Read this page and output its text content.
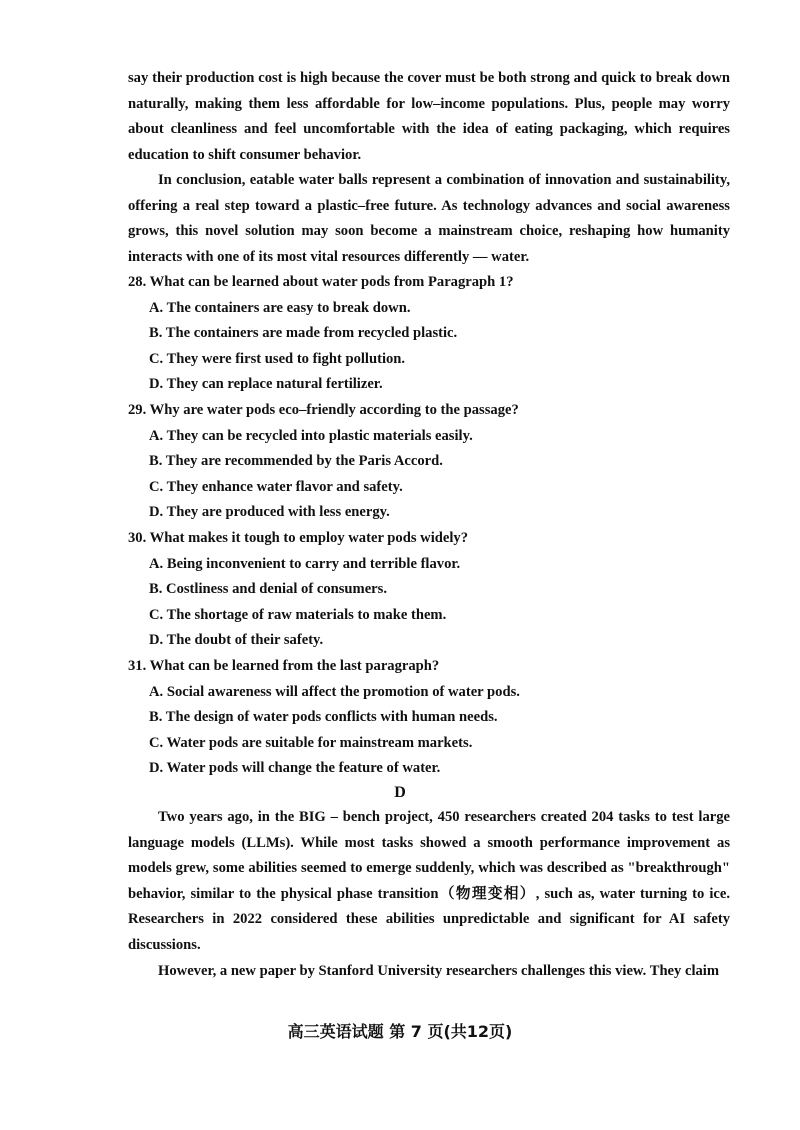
say their production cost is high because the cover must be both strong and quick to break down naturally, making them less affordable for low–income populations. Plus, people may worry about cleanliness and feel uncomfortable with the idea of eating packaging, which requires education to shift consumer behavior.

In conclusion, eatable water balls represent a combination of innovation and sustainability, offering a real step toward a plastic–free future. As technology advances and social awareness grows, this novel solution may soon become a mainstream choice, reshaping how humanity interacts with one of its most vital resources differently — water.

28. What can be learned about water pods from Paragraph 1?

A. The containers are easy to break down.

B. The containers are made from recycled plastic.

C. They were first used to fight pollution.

D. They can replace natural fertilizer.

29. Why are water pods eco–friendly according to the passage?

A. They can be recycled into plastic materials easily.

B. They are recommended by the Paris Accord.

C. They enhance water flavor and safety.

D. They are produced with less energy.

30. What makes it tough to employ water pods widely?

A. Being inconvenient to carry and terrible flavor.

B. Costliness and denial of consumers.

C. The shortage of raw materials to make them.

D. The doubt of their safety.

31. What can be learned from the last paragraph?

A. Social awareness will affect the promotion of water pods.

B. The design of water pods conflicts with human needs.

C. Water pods are suitable for mainstream markets.

D. Water pods will change the feature of water.

D

Two years ago, in the BIG – bench project, 450 researchers created 204 tasks to test large language models (LLMs). While most tasks showed a smooth performance improvement as models grew, some abilities seemed to emerge suddenly, which was described as "breakthrough" behavior, similar to the physical phase transition（物理变相）, such as, water turning to ice. Researchers in 2022 considered these abilities unpredictable and significant for AI safety discussions.

However, a new paper by Stanford University researchers challenges this view. They claim

高三英语试题 第 7 页(共12页)
